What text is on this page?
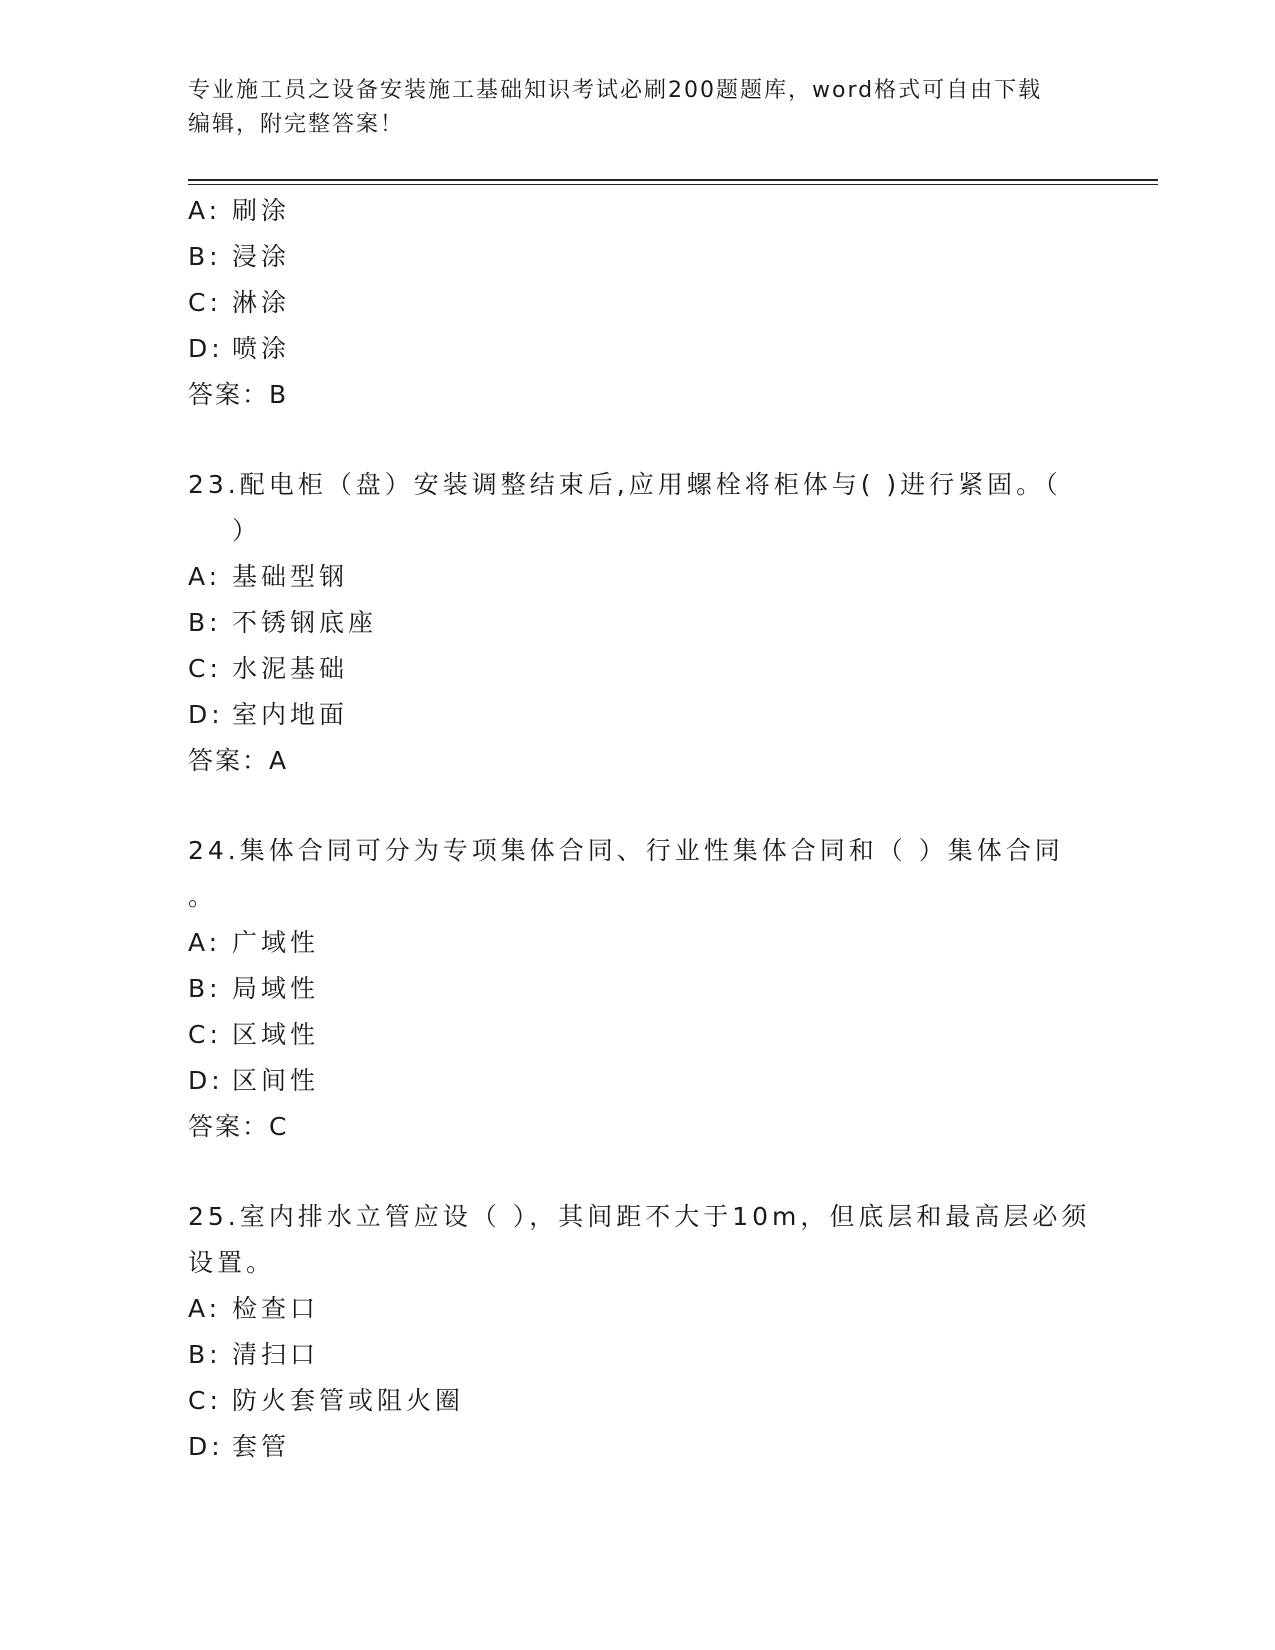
专业施工员之设备安装施工基础知识考试必刷200题题库，word格式可自由下载
编辑，附完整答案！
A: 刷涂
B: 浸涂
C: 淋涂
D: 喷涂
答案：B
23.配电柜（盘）安装调整结束后,应用螺栓将柜体与( )进行紧固。（
）
A: 基础型钢
B: 不锈钢底座
C: 水泥基础
D: 室内地面
答案：A
24.集体合同可分为专项集体合同、行业性集体合同和（ ）集体合同
。
A: 广域性
B: 局域性
C: 区域性
D: 区间性
答案：C
25.室内排水立管应设（ ），其间距不大于10m，但底层和最高层必须
设置。
A: 检查口
B: 清扫口
C: 防火套管或阻火圈
D: 套管
